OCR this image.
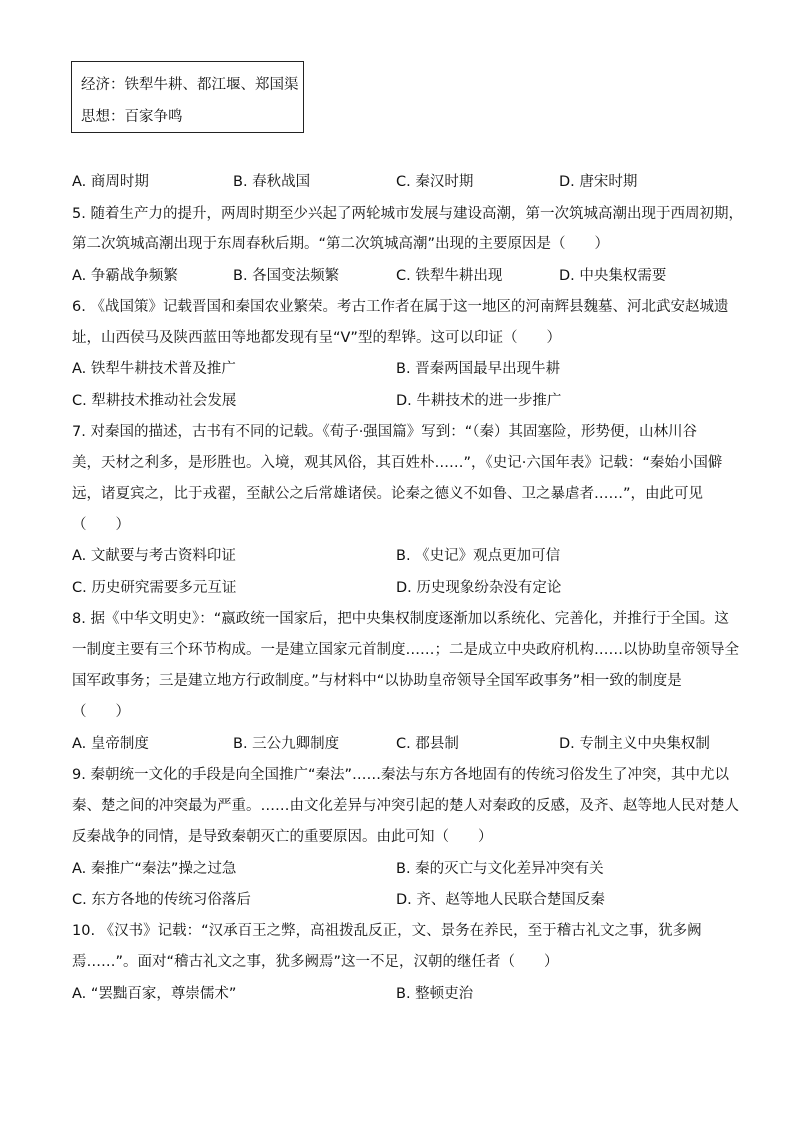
经济：铁犁牛耕、都江堰、郑国渠
思想：百家争鸣
A. 商周时期	B. 春秋战国	C. 秦汉时期	D. 唐宋时期
5. 随着生产力的提升，两周时期至少兴起了两轮城市发展与建设高潮，第一次筑城高潮出现于西周初期，
第二次筑城高潮出现于东周春秋后期。“第二次筑城高潮”出现的主要原因是（　　）
A. 争霸战争频繁	B. 各国变法频繁	C. 铁犁牛耕出现	D. 中央集权需要
6. 《战国策》记载晋国和秦国农业繁荣。考古工作者在属于这一地区的河南辉县魏墓、河北武安赵城遗
址，山西侯马及陕西蓝田等地都发现有呈“V”型的犁铧。这可以印证（　　）
A. 铁犁牛耕技术普及推广	B. 晋秦两国最早出现牛耕
C. 犁耕技术推动社会发展	D. 牛耕技术的进一步推广
7. 对秦国的描述，古书有不同的记载。《荀子·强国篇》写到：“（秦）其固塞险，形势便，山林川谷
美，天材之利多，是形胜也。入境，观其风俗，其百姓朴……”，《史记·六国年表》记载：“秦始小国僻
远，诸夏宾之，比于戎翟，至献公之后常雄诸侯。论秦之德义不如鲁、卫之暴虐者……”，由此可见
（　　）
A. 文献要与考古资料印证	B. 《史记》观点更加可信
C. 历史研究需要多元互证	D. 历史现象纷杂没有定论
8. 据《中华文明史》：“嬴政统一国家后，把中央集权制度逐渐加以系统化、完善化，并推行于全国。这
一制度主要有三个环节构成。一是建立国家元首制度……；二是成立中央政府机构……以协助皇帝领导全
国军政事务；三是建立地方行政制度。”与材料中“以协助皇帝领导全国军政事务”相一致的制度是
（　　）
A. 皇帝制度	B. 三公九卿制度	C. 郡县制	D. 专制主义中央集权制
9. 秦朝统一文化的手段是向全国推广“秦法”……秦法与东方各地固有的传统习俗发生了冲突，其中尤以
秦、楚之间的冲突最为严重。……由文化差异与冲突引起的楚人对秦政的反感，及齐、赵等地人民对楚人
反秦战争的同情，是导致秦朝灭亡的重要原因。由此可知（　　）
A. 秦推广“秦法”操之过急	B. 秦的灭亡与文化差异冲突有关
C. 东方各地的传统习俗落后	D. 齐、赵等地人民联合楚国反秦
10. 《汉书》记载：“汉承百王之弊，高祖拨乱反正，文、景务在养民，至于稽古礼文之事，犹多阙
焉……”。面对“稽古礼文之事，犹多阙焉”这一不足，汉朝的继任者（　　）
A. “罢黜百家，尊崇儒术”	B. 整顿吏治
